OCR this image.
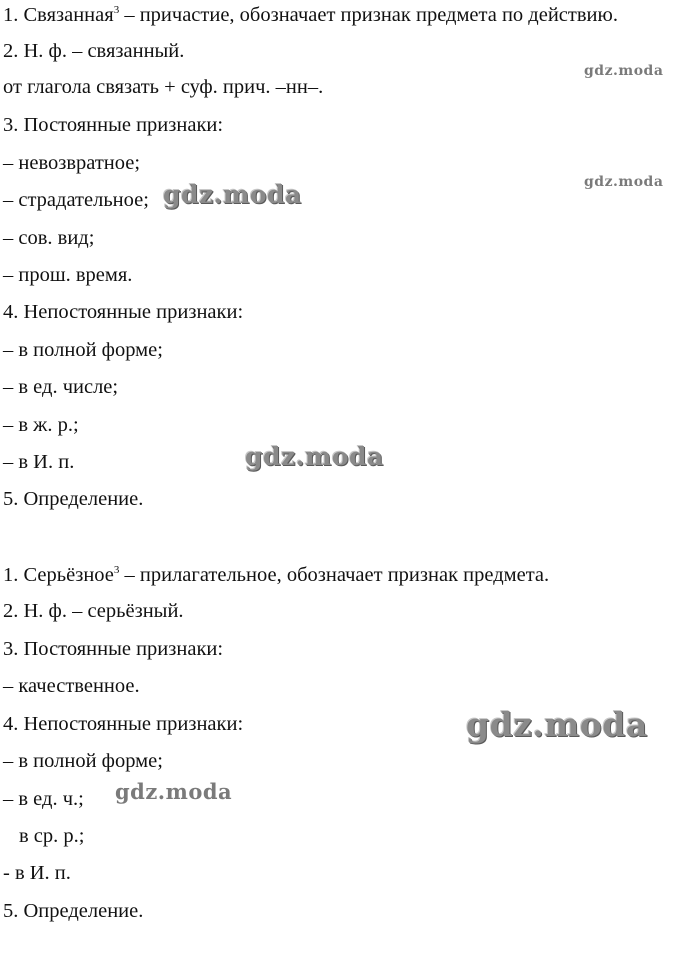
1. Связанная$^3$ – причастие, обозначает признак предмета по действию.
2. Н. ф. – связанный.
от глагола связать + суф. прич. –нн–.
3. Постоянные признаки:
– невозвратное;
– страдательное;
– сов. вид;
– прош. время.
4. Непостоянные признаки:
– в полной форме;
– в ед. числе;
– в ж. р.;
– в И. п.
5. Определение.
1. Серьёзное$^3$ – прилагательное, обозначает признак предмета.
2. Н. ф. – серьёзный.
3. Постоянные признаки:
– качественное.
4. Непостоянные признаки:
– в полной форме;
– в ед. ч.;
в ср. р.;
- в И. п.
5. Определение.
gdz.moda
gdz.moda
gdz.moda
gdz.moda
gdz.moda
gdz.moda
